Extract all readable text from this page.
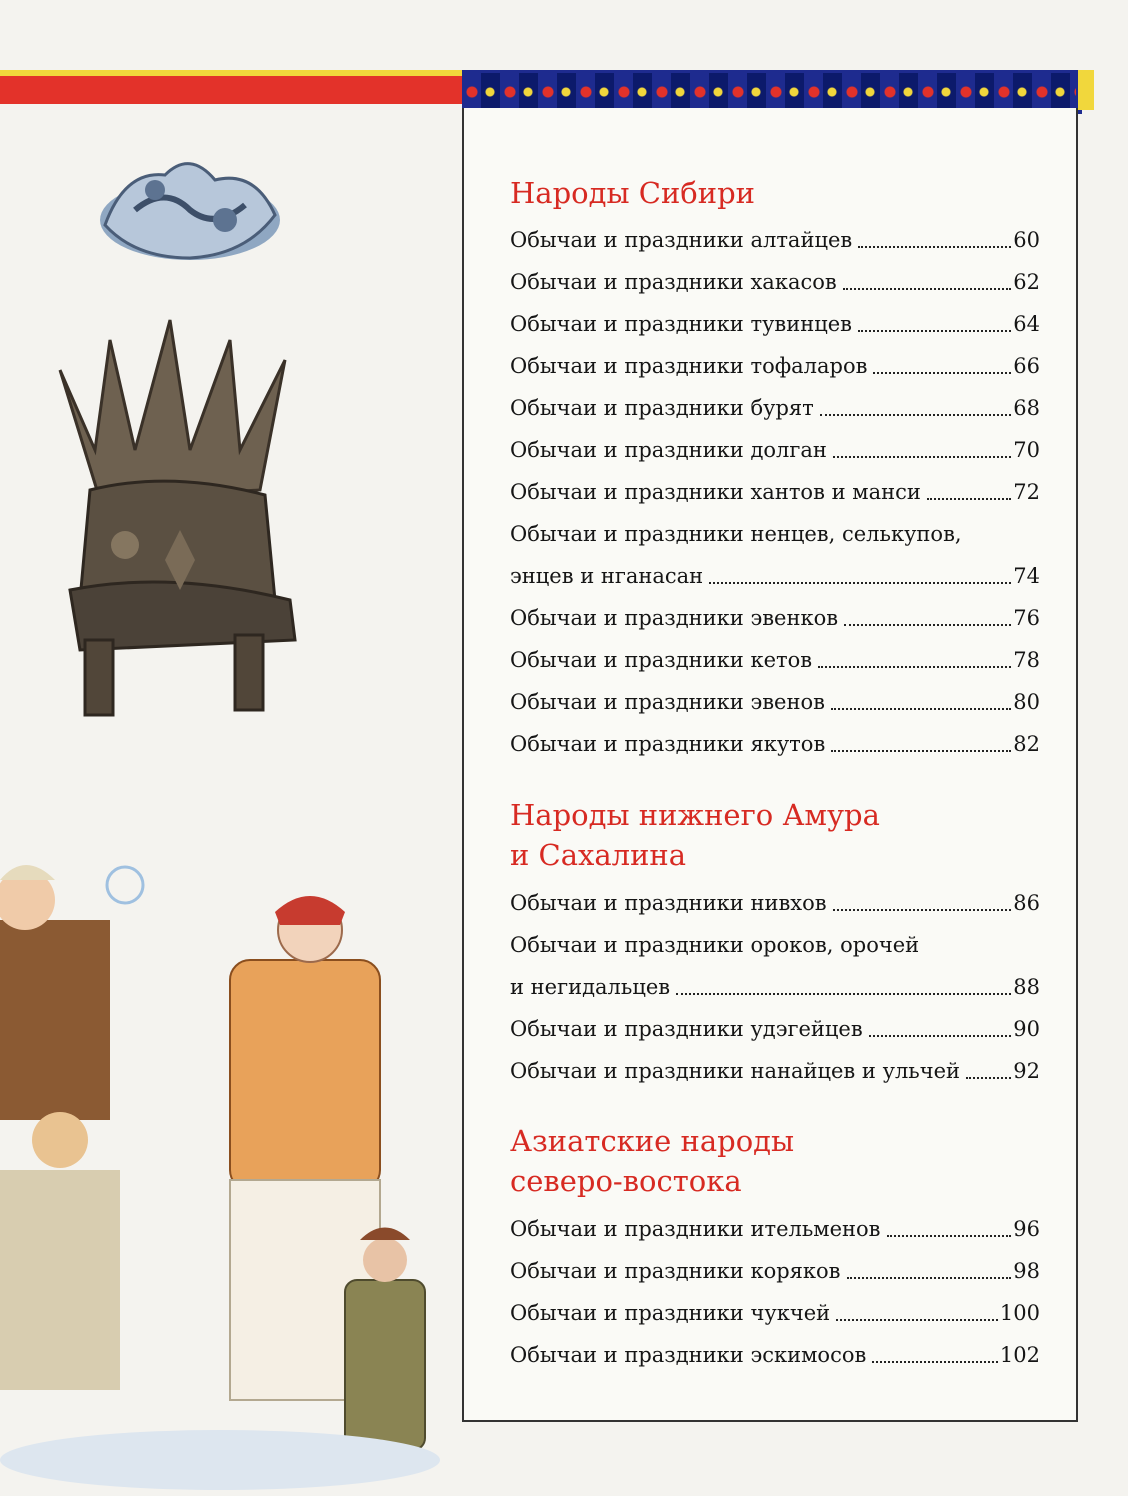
Народы Сибири
Обычаи и праздники алтайцев	60
Обычаи и праздники хакасов	62
Обычаи и праздники тувинцев	64
Обычаи и праздники тофаларов	66
Обычаи и праздники бурят	68
Обычаи и праздники долган	70
Обычаи и праздники хантов и манси	72
Обычаи и праздники ненцев, селькупов,
энцев и нганасан	74
Обычаи и праздники эвенков	76
Обычаи и праздники кетов	78
Обычаи и праздники эвенов	80
Обычаи и праздники якутов	82
Народы нижнего Амура
и Сахалина
Обычаи и праздники нивхов	86
Обычаи и праздники ороков, орочей
и негидальцев	88
Обычаи и праздники удэгейцев	90
Обычаи и праздники нанайцев и ульчей	92
Азиатские народы
северо-востока
Обычаи и праздники ительменов	96
Обычаи и праздники коряков	98
Обычаи и праздники чукчей	100
Обычаи и праздники эскимосов	102
